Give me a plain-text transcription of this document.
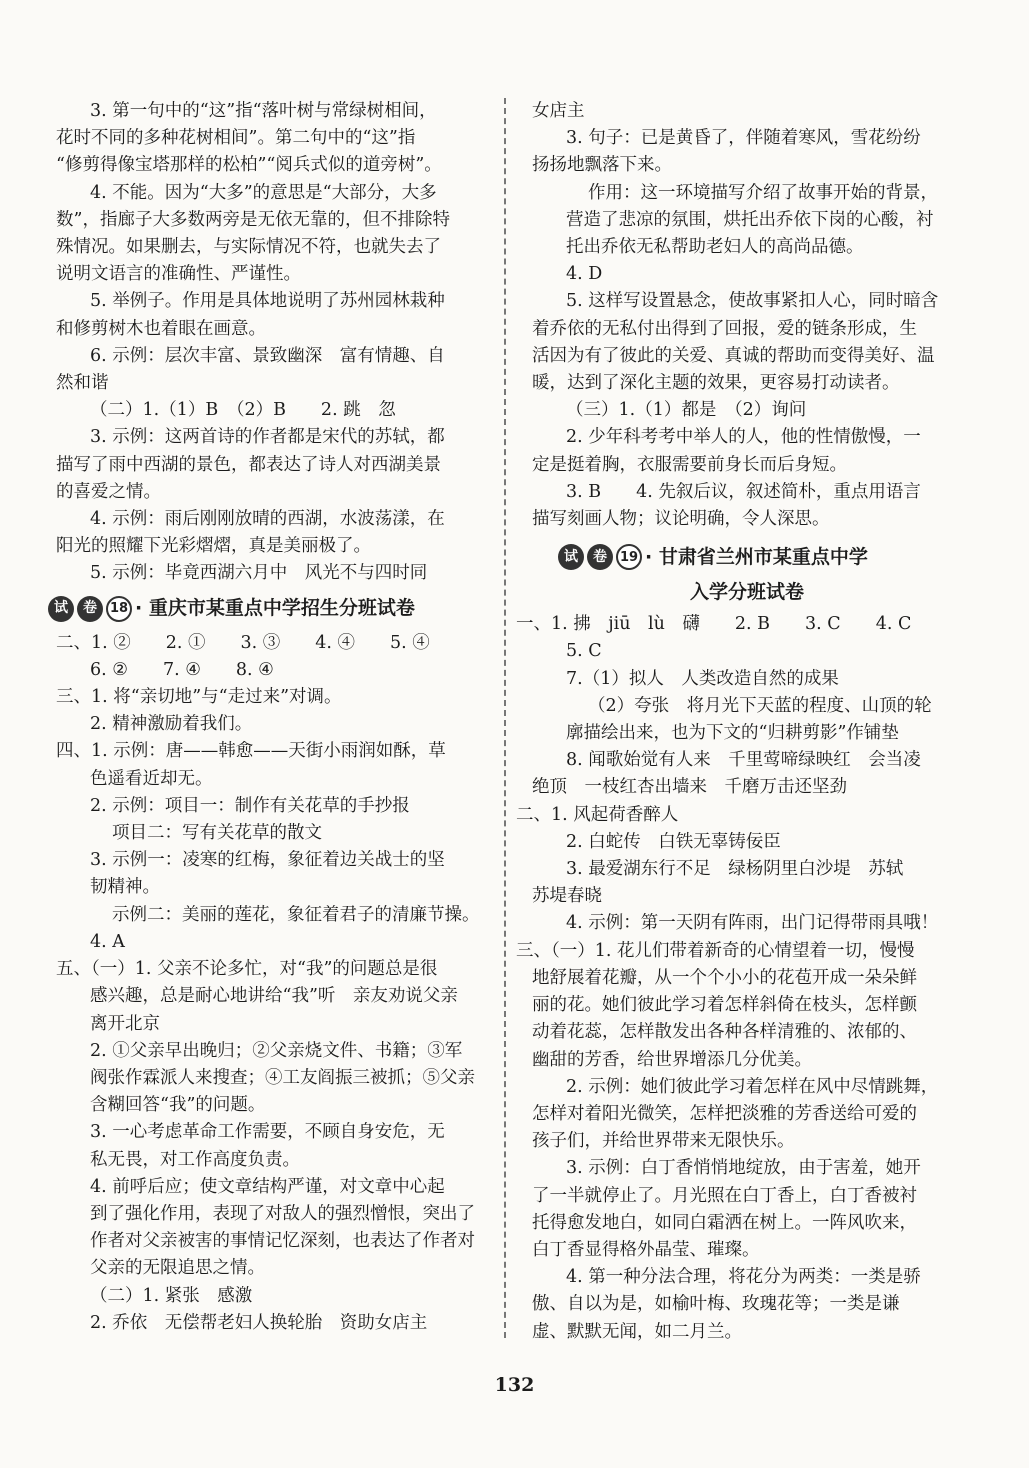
3. 第一句中的“这”指“落叶树与常绿树相间，
花时不同的多种花树相间”。第二句中的“这”指
“修剪得像宝塔那样的松柏”“阅兵式似的道旁树”。
4. 不能。因为“大多”的意思是“大部分，大多
数”，指廊子大多数两旁是无依无靠的，但不排除特
殊情况。如果删去，与实际情况不符，也就失去了
说明文语言的准确性、严谨性。
5. 举例子。作用是具体地说明了苏州园林栽种
和修剪树木也着眼在画意。
6. 示例：层次丰富、景致幽深　富有情趣、自
然和谐
（二）1.（1）B　（2）B　　2. 跳　忽
3. 示例：这两首诗的作者都是宋代的苏轼，都
描写了雨中西湖的景色，都表达了诗人对西湖美景
的喜爱之情。
4. 示例：雨后刚刚放晴的西湖，水波荡漾，在
阳光的照耀下光彩熠熠，真是美丽极了。
5. 示例：毕竟西湖六月中　风光不与四时同
试	卷 18 · 重庆市某重点中学招生分班试卷
二、1. ②　　2. ①　　3. ③　　4. ④　　5. ④
6. ②　　7. ④　　8. ④
三、1. 将“亲切地”与“走过来”对调。
2. 精神激励着我们。
四、1. 示例：唐——韩愈——天街小雨润如酥，草
色遥看近却无。
2. 示例：项目一：制作有关花草的手抄报
项目二：写有关花草的散文
3. 示例一：凌寒的红梅，象征着边关战士的坚
韧精神。
示例二：美丽的莲花，象征着君子的清廉节操。
4. A
五、（一）1. 父亲不论多忙，对“我”的问题总是很
感兴趣，总是耐心地讲给“我”听　亲友劝说父亲
离开北京
2. ①父亲早出晚归；②父亲烧文件、书籍；③军
阀张作霖派人来搜查；④工友阎振三被抓；⑤父亲
含糊回答“我”的问题。
3. 一心考虑革命工作需要，不顾自身安危，无
私无畏，对工作高度负责。
4. 前呼后应；使文章结构严谨，对文章中心起
到了强化作用，表现了对敌人的强烈憎恨，突出了
作者对父亲被害的事情记忆深刻，也表达了作者对
父亲的无限追思之情。
（二）1. 紧张　感激
2. 乔依　无偿帮老妇人换轮胎　资助女店主
女店主
3. 句子：已是黄昏了，伴随着寒风，雪花纷纷
扬扬地飘落下来。
作用：这一环境描写介绍了故事开始的背景，
营造了悲凉的氛围，烘托出乔依下岗的心酸，衬
托出乔依无私帮助老妇人的高尚品德。
4. D
5. 这样写设置悬念，使故事紧扣人心，同时暗含
着乔依的无私付出得到了回报，爱的链条形成，生
活因为有了彼此的关爱、真诚的帮助而变得美好、温
暖，达到了深化主题的效果，更容易打动读者。
（三）1.（1）都是　（2）询问
2. 少年科考考中举人的人，他的性情傲慢，一
定是挺着胸，衣服需要前身长而后身短。
3. B　　4. 先叙后议，叙述简朴，重点用语言
描写刻画人物；议论明确，令人深思。
试	卷 19 · 甘肃省兰州市某重点中学
入学分班试卷
一、1. 拂　jiū　lù　礴　　2. B　　3. C　　4. C
5. C
7.（1）拟人　人类改造自然的成果
（2）夸张　将月光下天蓝的程度、山顶的轮
廓描绘出来，也为下文的“归耕剪影”作铺垫
8. 闻歌始觉有人来　千里莺啼绿映红　会当凌
绝顶　一枝红杏出墙来　千磨万击还坚劲
二、1. 风起荷香醉人
2. 白蛇传　白铁无辜铸佞臣
3. 最爱湖东行不足　绿杨阴里白沙堤　苏轼
苏堤春晓
4. 示例：第一天阴有阵雨，出门记得带雨具哦！
三、（一）1. 花儿们带着新奇的心情望着一切，慢慢
地舒展着花瓣，从一个个小小的花苞开成一朵朵鲜
丽的花。她们彼此学习着怎样斜倚在枝头，怎样颤
动着花蕊，怎样散发出各种各样清雅的、浓郁的、
幽甜的芳香，给世界增添几分优美。
2. 示例：她们彼此学习着怎样在风中尽情跳舞，
怎样对着阳光微笑，怎样把淡雅的芳香送给可爱的
孩子们，并给世界带来无限快乐。
3. 示例：白丁香悄悄地绽放，由于害羞，她开
了一半就停止了。月光照在白丁香上，白丁香被衬
托得愈发地白，如同白霜洒在树上。一阵风吹来，
白丁香显得格外晶莹、璀璨。
4. 第一种分法合理，将花分为两类：一类是骄
傲、自以为是，如榆叶梅、玫瑰花等；一类是谦
虚、默默无闻，如二月兰。
132
